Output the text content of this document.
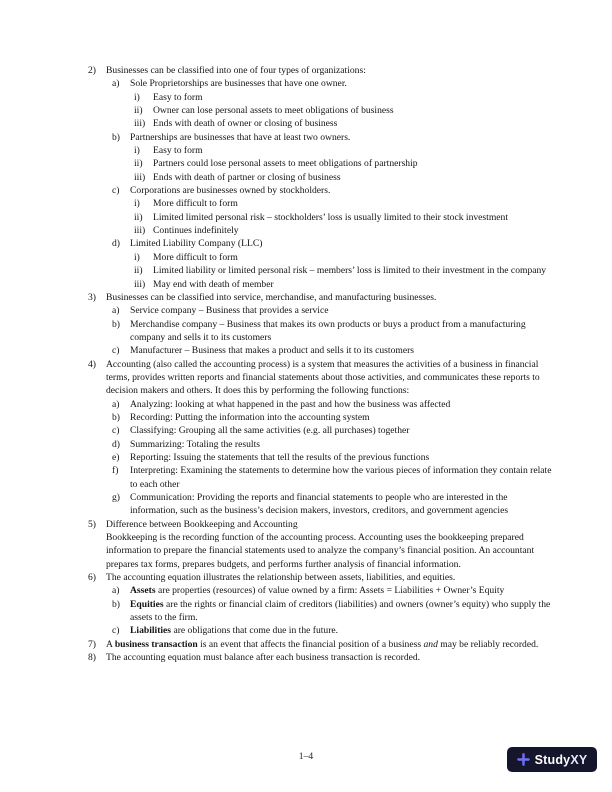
2)	Businesses can be classified into one of four types of organizations:
a)	Sole Proprietorships are businesses that have one owner.
i)	Easy to form
ii)	Owner can lose personal assets to meet obligations of business
iii) Ends with death of owner or closing of business
b)	Partnerships are businesses that have at least two owners.
i)	Easy to form
ii)	Partners could lose personal assets to meet obligations of partnership
iii) Ends with death of partner or closing of business
c)	Corporations are businesses owned by stockholders.
i)	More difficult to form
ii)	Limited limited personal risk – stockholders’ loss is usually limited to their stock investment
iii) Continues indefinitely
d)	Limited Liability Company (LLC)
i)	More difficult to form
ii)	Limited liability or limited personal risk – members’ loss is limited to their investment in the company
iii) May end with death of member
3)	Businesses can be classified into service, merchandise, and manufacturing businesses.
a)	Service company – Business that provides a service
b)	Merchandise company – Business that makes its own products or buys a product from a manufacturing company and sells it to its customers
c)	Manufacturer – Business that makes a product and sells it to its customers
4)	Accounting (also called the accounting process) is a system that measures the activities of a business in financial terms, provides written reports and financial statements about those activities, and communicates these reports to decision makers and others. It does this by performing the following functions:
a)	Analyzing: looking at what happened in the past and how the business was affected
b)	Recording: Putting the information into the accounting system
c)	Classifying: Grouping all the same activities (e.g. all purchases) together
d)	Summarizing: Totaling the results
e)	Reporting: Issuing the statements that tell the results of the previous functions
f)	Interpreting: Examining the statements to determine how the various pieces of information they contain relate to each other
g)	Communication: Providing the reports and financial statements to people who are interested in the information, such as the business’s decision makers, investors, creditors, and government agencies
5)	Difference between Bookkeeping and Accounting
Bookkeeping is the recording function of the accounting process. Accounting uses the bookkeeping prepared information to prepare the financial statements used to analyze the company’s financial position. An accountant prepares tax forms, prepares budgets, and performs further analysis of financial information.
6)	The accounting equation illustrates the relationship between assets, liabilities, and equities.
a)	Assets are properties (resources) of value owned by a firm: Assets = Liabilities + Owner’s Equity
b)	Equities are the rights or financial claim of creditors (liabilities) and owners (owner’s equity) who supply the assets to the firm.
c)	Liabilities are obligations that come due in the future.
7)	A business transaction is an event that affects the financial position of a business and may be reliably recorded.
8)	The accounting equation must balance after each business transaction is recorded.
1–4	StudyXY
